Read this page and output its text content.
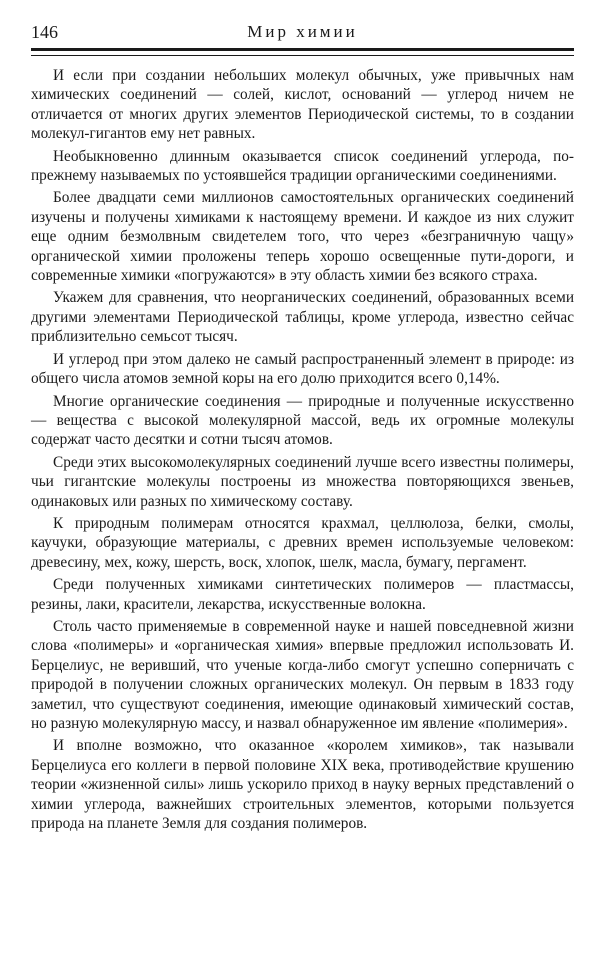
146	Мир химии

И если при создании небольших молекул обычных, уже привычных нам химических соединений — солей, кислот, оснований — углерод ничем не отличается от многих других элементов Периодической системы, то в создании молекул-гигантов ему нет равных.

Необыкновенно длинным оказывается список соединений углерода, по-прежнему называемых по устоявшейся традиции органическими соединениями.

Более двадцати семи миллионов самостоятельных органических соединений изучены и получены химиками к настоящему времени. И каждое из них служит еще одним безмолвным свидетелем того, что через «безграничную чащу» органической химии проложены теперь хорошо освещенные пути-дороги, и современные химики «погружаются» в эту область химии без всякого страха.

Укажем для сравнения, что неорганических соединений, образованных всеми другими элементами Периодической таблицы, кроме углерода, известно сейчас приблизительно семьсот тысяч.

И углерод при этом далеко не самый распространенный элемент в природе: из общего числа атомов земной коры на его долю приходится всего 0,14%.

Многие органические соединения — природные и полученные искусственно — вещества с высокой молекулярной массой, ведь их огромные молекулы содержат часто десятки и сотни тысяч атомов.

Среди этих высокомолекулярных соединений лучше всего известны полимеры, чьи гигантские молекулы построены из множества повторяющихся звеньев, одинаковых или разных по химическому составу.

К природным полимерам относятся крахмал, целлюлоза, белки, смолы, каучуки, образующие материалы, с древних времен используемые человеком: древесину, мех, кожу, шерсть, воск, хлопок, шелк, масла, бумагу, пергамент.

Среди полученных химиками синтетических полимеров — пластмассы, резины, лаки, красители, лекарства, искусственные волокна.

Столь часто применяемые в современной науке и нашей повседневной жизни слова «полимеры» и «органическая химия» впервые предложил использовать И. Берцелиус, не веривший, что ученые когда-либо смогут успешно соперничать с природой в получении сложных органических молекул. Он первым в 1833 году заметил, что существуют соединения, имеющие одинаковый химический состав, но разную молекулярную массу, и назвал обнаруженное им явление «полимерия».

И вполне возможно, что оказанное «королем химиков», так называли Берцелиуса его коллеги в первой половине XIX века, противодействие крушению теории «жизненной силы» лишь ускорило приход в науку верных представлений о химии углерода, важнейших строительных элементов, которыми пользуется природа на планете Земля для создания полимеров.
